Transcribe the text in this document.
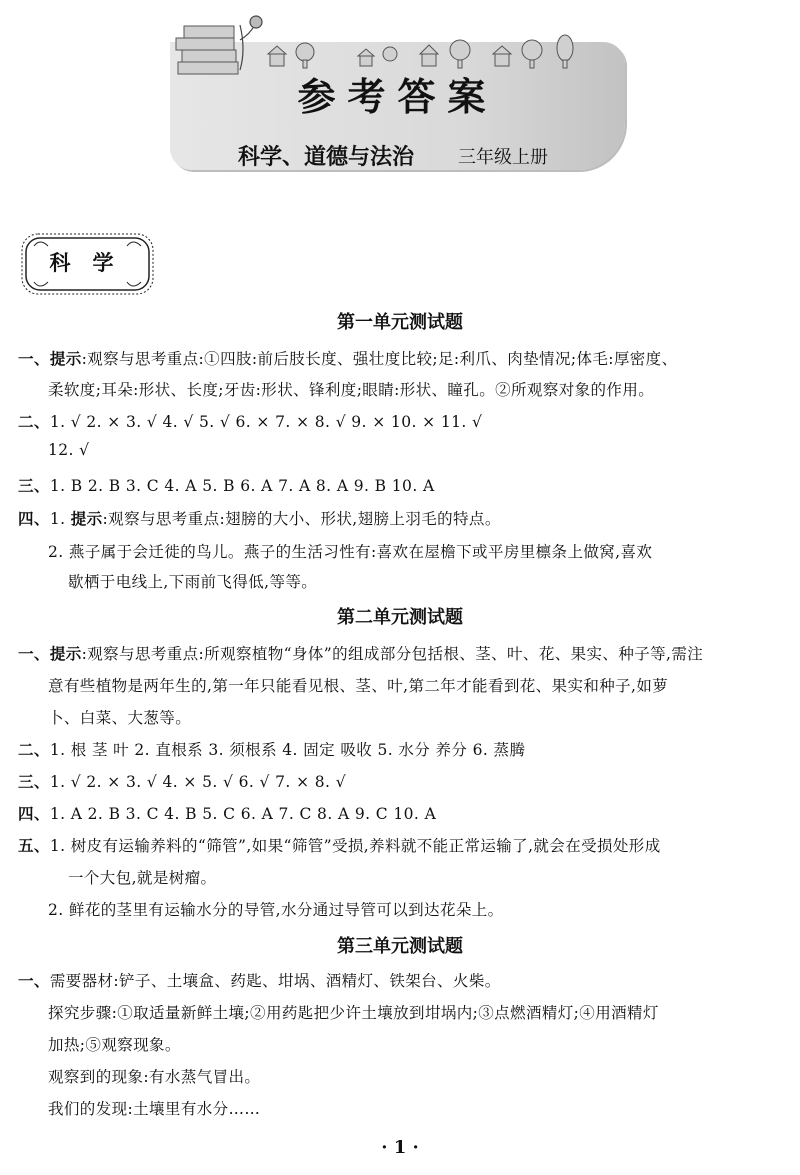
参考答案
科学、道德与法治 三年级上册
科学
第一单元测试题
一、提示:观察与思考重点:①四肢:前后肢长度、强壮度比较;足:利爪、肉垫情况;体毛:厚密度、
柔软度;耳朵:形状、长度;牙齿:形状、锋利度;眼睛:形状、瞳孔。②所观察对象的作用。
二、1. √ 2. × 3. √ 4. √ 5. √ 6. × 7. × 8. √ 9. × 10. × 11. √
12. √
三、1. B 2. B 3. C 4. A 5. B 6. A 7. A 8. A 9. B 10. A
四、1. 提示:观察与思考重点:翅膀的大小、形状,翅膀上羽毛的特点。
2. 燕子属于会迁徙的鸟儿。燕子的生活习性有:喜欢在屋檐下或平房里檩条上做窝,喜欢
歇栖于电线上,下雨前飞得低,等等。
第二单元测试题
一、提示:观察与思考重点:所观察植物“身体”的组成部分包括根、茎、叶、花、果实、种子等,需注
意有些植物是两年生的,第一年只能看见根、茎、叶,第二年才能看到花、果实和种子,如萝
卜、白菜、大葱等。
二、1. 根 茎 叶 2. 直根系 3. 须根系 4. 固定 吸收 5. 水分 养分 6. 蒸腾
三、1. √ 2. × 3. √ 4. × 5. √ 6. √ 7. × 8. √
四、1. A 2. B 3. C 4. B 5. C 6. A 7. C 8. A 9. C 10. A
五、1. 树皮有运输养料的“筛管”,如果“筛管”受损,养料就不能正常运输了,就会在受损处形成
一个大包,就是树瘤。
2. 鲜花的茎里有运输水分的导管,水分通过导管可以到达花朵上。
第三单元测试题
一、需要器材:铲子、土壤盒、药匙、坩埚、酒精灯、铁架台、火柴。
探究步骤:①取适量新鲜土壤;②用药匙把少许土壤放到坩埚内;③点燃酒精灯;④用酒精灯
加热;⑤观察现象。
观察到的现象:有水蒸气冒出。
我们的发现:土壤里有水分……
· 1 ·
